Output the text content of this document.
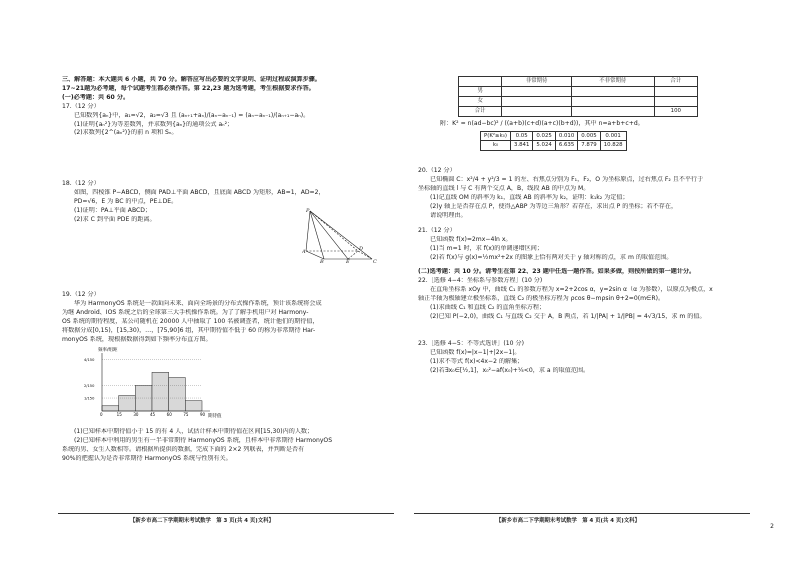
三、解答题：本大题共 6 小题，共 70 分。解答应写出必要的文字说明、证明过程或演算步骤。
17~21题为必考题，每个试题考生都必须作答。第 22,23 题为选考题，考生根据要求作答。
(一)必考题：共 60 分。
17.（12 分）
已知数列{aₙ}中，a₁=√2，a₂=√3 且 (aₙ₊₁+aₙ)/(aₙ−aₙ₋₁) = (aₙ−aₙ₋₁)/(aₙ₊₁−aₙ)。
(1)证明{aₙ²}为等差数列，并求数列{aₙ}的通项公式 aₙ²；
(2)求数列{2^(aₙ²)}的前 n 项和 Sₙ。
18.（12 分）
如图，四棱锥 P−ABCD，侧面 PAD⊥平面 ABCD，且底面 ABCD 为矩形，AB=1，AD=2，
PD=√6，E 为 BC 的中点，PE⊥DE。
(1)证明：PA⊥平面 ABCD；
(2)求 C 到平面 PDE 的距离。
P
A
B	C
D
E
19.（12 分）
华为 HarmonyOS 系统是一款面向未来、面向全场景的分布式操作系统，预计该系统将会成
为继 Android、IOS 系统之后的全球第三大手机操作系统。为了了解手机用户对 Harmony-
OS 系统的期待程度，某公司随机在 20000 人中抽取了 100 名被调查者，统计他们的期待值，
将数据分成[0,15)，[15,30)，…，[75,90]6 组，其中期待值不低于 60 的称为非常期待 Har-
monyOS 系统，现根据数据得到如下频率分布直方图。
频率/组距
期待值
0	15	30	45	60	75	90
4/150
2/150
1/150
(1)已知样本中期待值小于 15 的有 4 人，试估计样本中期待值在区间[15,30)内的人数；
(2)已知样本中利用的男生有一半非常期待 HarmonyOS 系统，且样本中非常期待 HarmonyOS
系统的男、女生人数相等。请根据所提供的数据，完成下面的 2×2 列联表，并判断是否有
90%的把握认为是否非常期待 HarmonyOS 系统与性别有关。
	非常期待	不非常期待	合计
男			
女			
合计			100
附：K² = n(ad−bc)² / ((a+b)(c+d)(a+c)(b+d))，其中 n=a+b+c+d。
P(K²≥k₀)	0.05	0.025	0.010	0.005	0.001
k₀	3.841	5.024	6.635	7.879	10.828
20.（12 分）
已知椭圆 C：x²/4 + y²/3 = 1 的左、右焦点分别为 F₁，F₂，O 为坐标原点，过右焦点 F₂ 且不平行于
坐标轴的直线 l 与 C 有两个交点 A，B，线段 AB 的中点为 M。
(1)记直线 OM 的斜率为 k₁，直线 AB 的斜率为 k₂，证明：k₁k₂ 为定值；
(2)y 轴上是否存在点 P，使得△ABP 为等边三角形？若存在，求出点 P 的坐标；若不存在，
请说明理由。
21.（12 分）
已知函数 f(x)=2mx−4ln x。
(1)当 m=1 时，求 f(x)的单调递增区间；
(2)若 f(x)与 g(x)=½mx²+2x 的图象上恰有两对关于 y 轴对称的点，求 m 的取值范围。
(二)选考题：共 10 分。请考生在第 22、23 题中任选一题作答。如果多做，则按所做的第一题计分。
22.［选修 4−4：坐标系与参数方程］(10 分)
在直角坐标系 xOy 中，曲线 C₁ 的参数方程为 x=2+2cos α，y=2sin α（α 为参数），以原点为极点，x
轴正半轴为极轴建立极坐标系，直线 C₂ 的极坐标方程为 ρcos θ−mρsin θ+2=0(m∈R)。
(1)求曲线 C₁ 和直线 C₂ 的直角坐标方程；
(2)已知 P(−2,0)，曲线 C₁ 与直线 C₂ 交于 A，B 两点，若 1/|PA| + 1/|PB| = 4√3/15，求 m 的值。
23.［选修 4−5：不等式选讲］(10 分)
已知函数 f(x)=|x−1|+|2x−1|。
(1)求不等式 f(x)<4x−2 的解集；
(2)若∃x₀∈[½,1]，x₀²−af(x₀)+¼<0，求 a 的取值范围。
【新乡市高二下学期期末考试数学　第 3 页(共 4 页)文科】	【新乡市高二下学期期末考试数学　第 4 页(共 4 页)文科】
2
